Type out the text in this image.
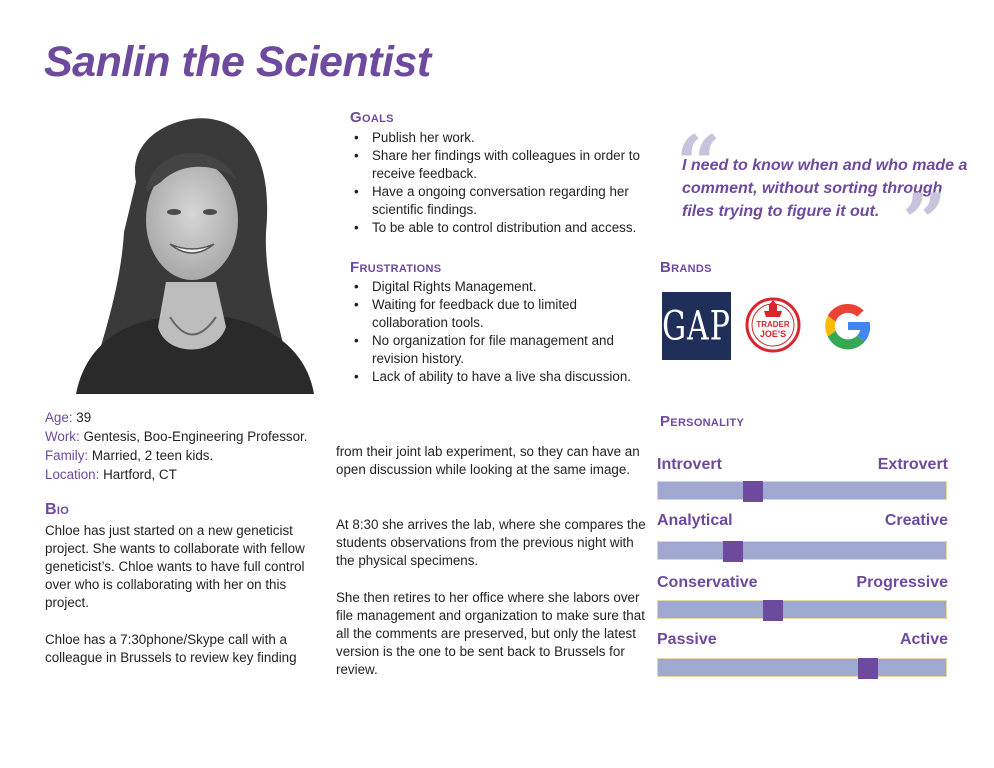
Sanlin the Scientist
Goals
• Publish her work.
• Share her findings with colleagues in order to receive feedback.
• Have a ongoing conversation regarding her scientific findings.
• To be able to control distribution and access.
“
I need to know when and who made a comment, without sorting through files trying to figure it out. ”
Frustrations
• Digital Rights Management.
• Waiting for feedback due to limited collaboration tools.
• No organization for file management and revision history.
• Lack of ability to have a live sha discussion.
Brands
GAP	TRADER
JOE'S
Age: 39
Work: Gentesis, Boo-Engineering Professor.
Family: Married, 2 teen kids.
Location: Hartford, CT
Bio
Chloe has just started on a new geneticist project. She wants to collaborate with fellow geneticist’s. Chloe wants to have full control over who is collaborating with her on this project.
Chloe has a 7:30phone/Skype call with a colleague in Brussels to review key finding
from their joint lab experiment, so they can have an open discussion while looking at the same image.
At 8:30 she arrives the lab, where she compares the students observations from the previous night with the physical specimens.
She then retires to her office where she labors over file management and organization to make sure that all the comments are preserved, but only the latest version is the one to be sent back to Brussels for review.
Personality
Introvert	Extrovert
Analytical	Creative
Conservative	Progressive
Passive	Active
